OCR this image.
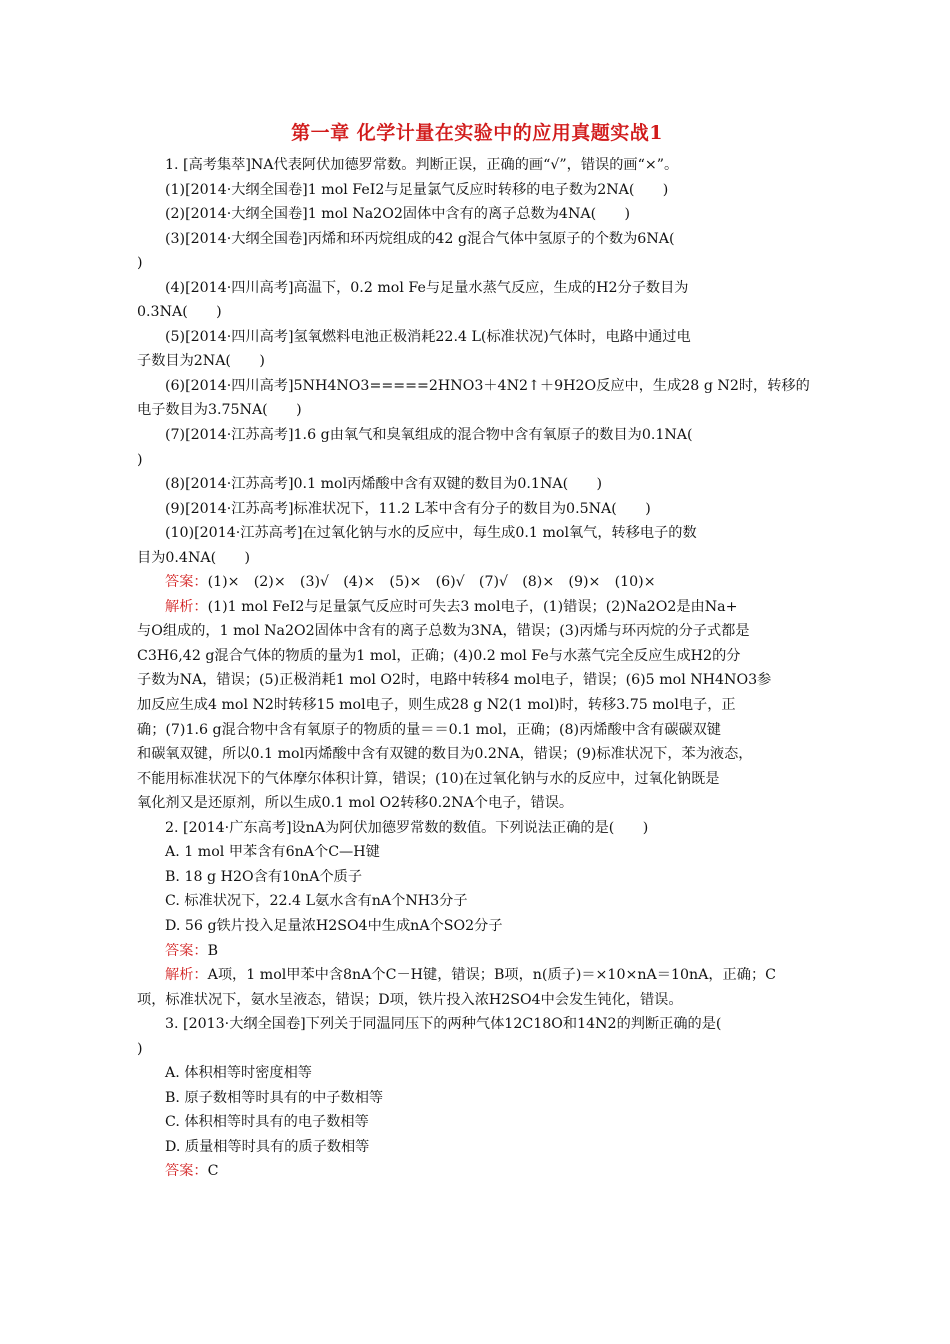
第一章 化学计量在实验中的应用真题实战1
1. [高考集萃]NA代表阿伏加德罗常数。判断正误，正确的画“√”，错误的画“×”。
(1)[2014·大纲全国卷]1 mol FeI2与足量氯气反应时转移的电子数为2NA(　　)
(2)[2014·大纲全国卷]1 mol Na2O2固体中含有的离子总数为4NA(　　)
(3)[2014·大纲全国卷]丙烯和环丙烷组成的42 g混合气体中氢原子的个数为6NA(
)
(4)[2014·四川高考]高温下，0.2 mol Fe与足量水蒸气反应，生成的H2分子数目为
0.3NA(　　)
(5)[2014·四川高考]氢氧燃料电池正极消耗22.4 L(标准状况)气体时，电路中通过电
子数目为2NA(　　)
(6)[2014·四川高考]5NH4NO3=====2HNO3＋4N2↑＋9H2O反应中，生成28 g N2时，转移的
电子数目为3.75NA(　　)
(7)[2014·江苏高考]1.6 g由氧气和臭氧组成的混合物中含有氧原子的数目为0.1NA(
)
(8)[2014·江苏高考]0.1 mol丙烯酸中含有双键的数目为0.1NA(　　)
(9)[2014·江苏高考]标准状况下，11.2 L苯中含有分子的数目为0.5NA(　　)
(10)[2014·江苏高考]在过氧化钠与水的反应中，每生成0.1 mol氧气，转移电子的数
目为0.4NA(　　)
答案：(1)×　(2)×　(3)√　(4)×　(5)×　(6)√　(7)√　(8)×　(9)×　(10)×
解析：(1)1 mol FeI2与足量氯气反应时可失去3 mol电子，(1)错误；(2)Na2O2是由Na+
与O组成的，1 mol Na2O2固体中含有的离子总数为3NA，错误；(3)丙烯与环丙烷的分子式都是
C3H6,42 g混合气体的物质的量为1 mol，正确；(4)0.2 mol Fe与水蒸气完全反应生成H2的分
子数为NA，错误；(5)正极消耗1 mol O2时，电路中转移4 mol电子，错误；(6)5 mol NH4NO3参
加反应生成4 mol N2时转移15 mol电子，则生成28 g N2(1 mol)时，转移3.75 mol电子，正
确；(7)1.6 g混合物中含有氧原子的物质的量＝＝0.1 mol，正确；(8)丙烯酸中含有碳碳双键
和碳氧双键，所以0.1 mol丙烯酸中含有双键的数目为0.2NA，错误；(9)标准状况下，苯为液态，
不能用标准状况下的气体摩尔体积计算，错误；(10)在过氧化钠与水的反应中，过氧化钠既是
氧化剂又是还原剂，所以生成0.1 mol O2转移0.2NA个电子，错误。
2. [2014·广东高考]设nA为阿伏加德罗常数的数值。下列说法正确的是(　　)
A. 1 mol 甲苯含有6nA个C—H键
B. 18 g H2O含有10nA个质子
C. 标准状况下，22.4 L氨水含有nA个NH3分子
D. 56 g铁片投入足量浓H2SO4中生成nA个SO2分子
答案：B
解析：A项，1 mol甲苯中含8nA个C－H键，错误；B项，n(质子)＝×10×nA＝10nA，正确；C
项，标准状况下，氨水呈液态，错误；D项，铁片投入浓H2SO4中会发生钝化，错误。
3. [2013·大纲全国卷]下列关于同温同压下的两种气体12C18O和14N2的判断正确的是(
)
A. 体积相等时密度相等
B. 原子数相等时具有的中子数相等
C. 体积相等时具有的电子数相等
D. 质量相等时具有的质子数相等
答案：C
